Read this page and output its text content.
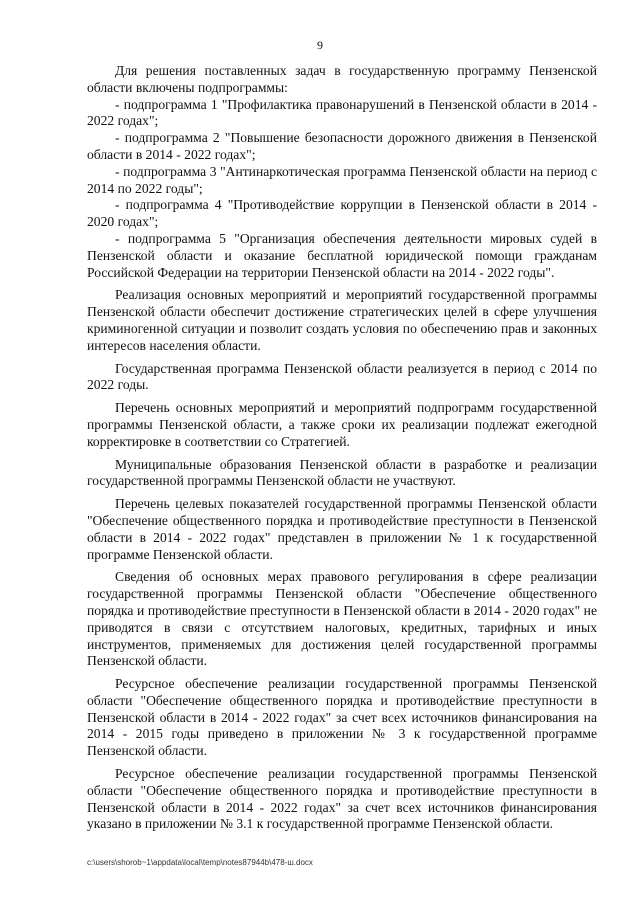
9

Для решения поставленных задач в государственную программу Пензенской области включены подпрограммы:

- подпрограмма 1 "Профилактика правонарушений в Пензенской области в 2014 - 2022 годах";

- подпрограмма 2 "Повышение безопасности дорожного движения в Пензенской области в 2014 - 2022 годах";

- подпрограмма 3 "Антинаркотическая программа Пензенской области на период с 2014 по 2022 годы";

- подпрограмма 4 "Противодействие коррупции в Пензенской области в 2014 - 2020 годах";

- подпрограмма 5 "Организация обеспечения деятельности мировых судей в Пензенской области и оказание бесплатной юридической помощи гражданам Российской Федерации на территории Пензенской области на 2014 - 2022 годы".

Реализация основных мероприятий и мероприятий государственной программы Пензенской области обеспечит достижение стратегических целей в сфере улучшения криминогенной ситуации и позволит создать условия по обеспечению прав и законных интересов населения области.

Государственная программа Пензенской области реализуется в период с 2014 по 2022 годы.

Перечень основных мероприятий и мероприятий подпрограмм государственной программы Пензенской области, а также сроки их реализации подлежат ежегодной корректировке в соответствии со Стратегией.

Муниципальные образования Пензенской области в разработке и реализации государственной программы Пензенской области не участвуют.

Перечень целевых показателей государственной программы Пензенской области "Обеспечение общественного порядка и противодействие преступности в Пензенской области в 2014 - 2022 годах" представлен в приложении № 1 к государственной программе Пензенской области.

Сведения об основных мерах правового регулирования в сфере реализации государственной программы Пензенской области "Обеспечение общественного порядка и противодействие преступности в Пензенской области в 2014 - 2020 годах" не приводятся в связи с отсутствием налоговых, кредитных, тарифных и иных инструментов, применяемых для достижения целей государственной программы Пензенской области.

Ресурсное обеспечение реализации государственной программы Пензенской области "Обеспечение общественного порядка и противодействие преступности в Пензенской области в 2014 - 2022 годах" за счет всех источников финансирования на 2014 - 2015 годы приведено в приложении № 3 к государственной программе Пензенской области.

Ресурсное обеспечение реализации государственной программы Пензенской области "Обеспечение общественного порядка и противодействие преступности в Пензенской области в 2014 - 2022 годах" за счет всех источников финансирования указано в приложении № 3.1 к государственной программе Пензенской области.

c:\users\shorob~1\appdata\local\temp\notes87944b\478-ш.docx
